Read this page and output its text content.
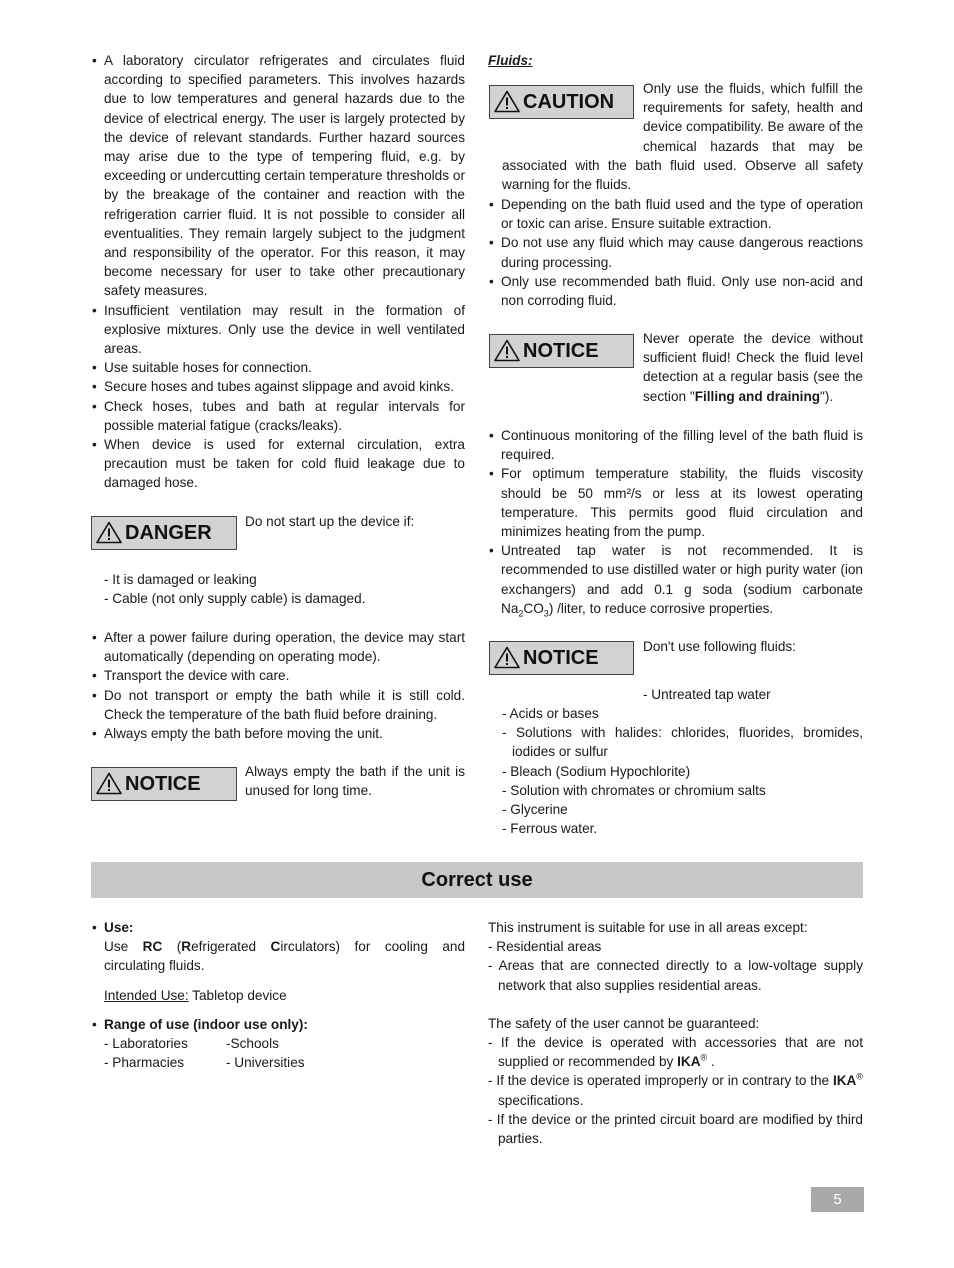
• A laboratory circulator refrigerates and circulates fluid according to specified parameters. This involves hazards due to low temperatures and general hazards due to the device of electrical energy. The user is largely protected by the device of relevant standards. Further hazard sources may arise due to the type of tempering fluid, e.g. by exceeding or undercutting certain temperature thresholds or by the breakage of the container and reaction with the refrigeration carrier fluid. It is not possible to consider all eventualities. They remain largely subject to the judgment and responsibility of the operator. For this reason, it may become necessary for user to take other precautionary safety measures.
• Insufficient ventilation may result in the formation of explosive mixtures. Only use the device in well ventilated areas.
• Use suitable hoses for connection.
• Secure hoses and tubes against slippage and avoid kinks.
• Check hoses, tubes and bath at regular intervals for possible material fatigue (cracks/leaks).
• When device is used for external circulation, extra precaution must be taken for cold fluid leakage due to damaged hose.
DANGER
Do not start up the device if:

- It is damaged or leaking

- Cable (not only supply cable) is damaged.

• After a power failure during operation, the device may start automatically (depending on operating mode).
• Transport the device with care.
• Do not transport or empty the bath while it is still cold. Check the temperature of the bath fluid before draining.
• Always empty the bath before moving the unit.
NOTICE
Always empty the bath if the unit is unused for long time.
Fluids:
CAUTION
Only use the fluids, which fulfill the requirements for safety, health and device compatibility. Be aware of the chemical hazards that may be associated with the bath fluid used. Observe all safety warning for the fluids.
• Depending on the bath fluid used and the type of operation or toxic can arise. Ensure suitable extraction.
• Do not use any fluid which may cause dangerous reactions during processing.
• Only use recommended bath fluid. Only use non-acid and non corroding fluid.
NOTICE
Never operate the device without sufficient fluid! Check the fluid level detection at a regular basis (see the section "Filling and draining").
• Continuous monitoring of the filling level of the bath fluid is required.
• For optimum temperature stability, the fluids viscosity should be 50 mm²/s or less at its lowest operating temperature. This permits good fluid circulation and minimizes heating from the pump.
• Untreated tap water is not recommended. It is recommended to use distilled water or high purity water (ion exchangers) and add 0.1 g soda (sodium carbonate $Na_2CO_3$) /liter, to reduce corrosive properties.
NOTICE
Don't use following fluids:
- Untreated tap water

- Acids or bases

- Solutions with halides: chlorides, fluorides, bromides, iodides or sulfur

- Bleach (Sodium Hypochlorite)

- Solution with chromates or chromium salts

- Glycerine

- Ferrous water.

Correct use
• Use:
Use RC (Refrigerated Circulators) for cooling and circulating fluids.
Intended Use: Tabletop device
• Range of use (indoor use only):
- Laboratories
- Pharmacies
-Schools
- Universities

This instrument is suitable for use in all areas except:

- Residential areas

- Areas that are connected directly to a low-voltage supply network that also supplies residential areas.

The safety of the user cannot be guaranteed:

- If the device is operated with accessories that are not supplied or recommended by IKA® .

- If the device is operated improperly or in contrary to the IKA® specifications.

- If the device or the printed circuit board are modified by third parties.

5
